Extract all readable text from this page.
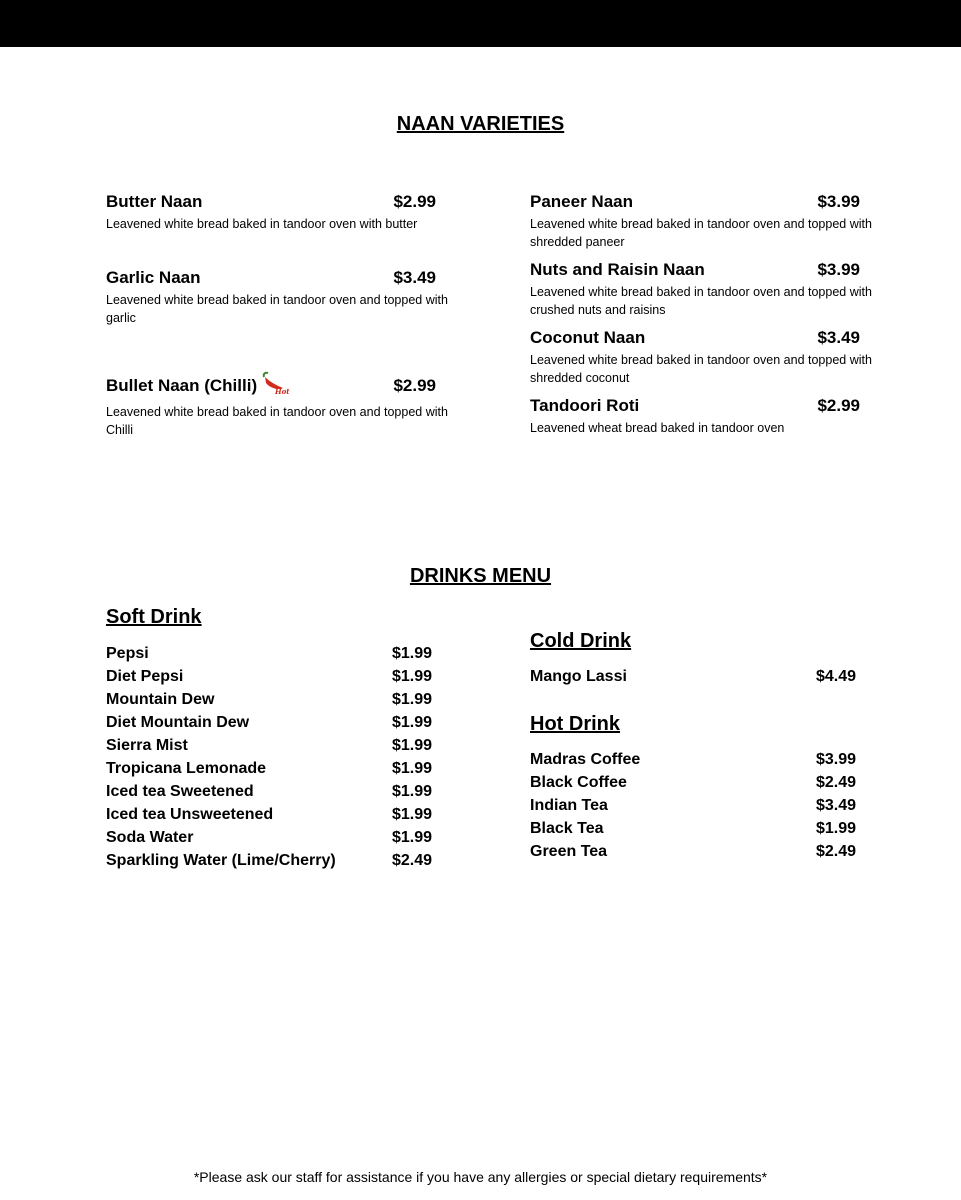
NAAN VARIETIES
Butter Naan	$2.99
Leavened white bread baked in tandoor oven with butter
Garlic Naan	$3.49
Leavened white bread baked in tandoor oven and topped with garlic
Bullet Naan (Chilli)	Hot	$2.99
Leavened white bread baked in tandoor oven and topped with Chilli
Paneer Naan	$3.99
Leavened white bread baked in tandoor oven and topped with shredded paneer
Nuts and Raisin Naan	$3.99
Leavened white bread baked in tandoor oven and topped with crushed nuts and raisins
Coconut Naan	$3.49
Leavened white bread baked in tandoor oven and topped with shredded coconut
Tandoori Roti	$2.99
Leavened wheat bread baked in tandoor oven
DRINKS MENU
Soft Drink
Pepsi	$1.99
Diet Pepsi	$1.99
Mountain Dew	$1.99
Diet Mountain Dew	$1.99
Sierra Mist	$1.99
Tropicana Lemonade	$1.99
Iced tea Sweetened	$1.99
Iced tea Unsweetened	$1.99
Soda Water	$1.99
Sparkling Water (Lime/Cherry)	$2.49
Cold Drink
Mango Lassi	$4.49
Hot Drink
Madras Coffee	$3.99
Black Coffee	$2.49
Indian Tea	$3.49
Black Tea	$1.99
Green Tea	$2.49
*Please ask our staff for assistance if you have any allergies or special dietary requirements*
